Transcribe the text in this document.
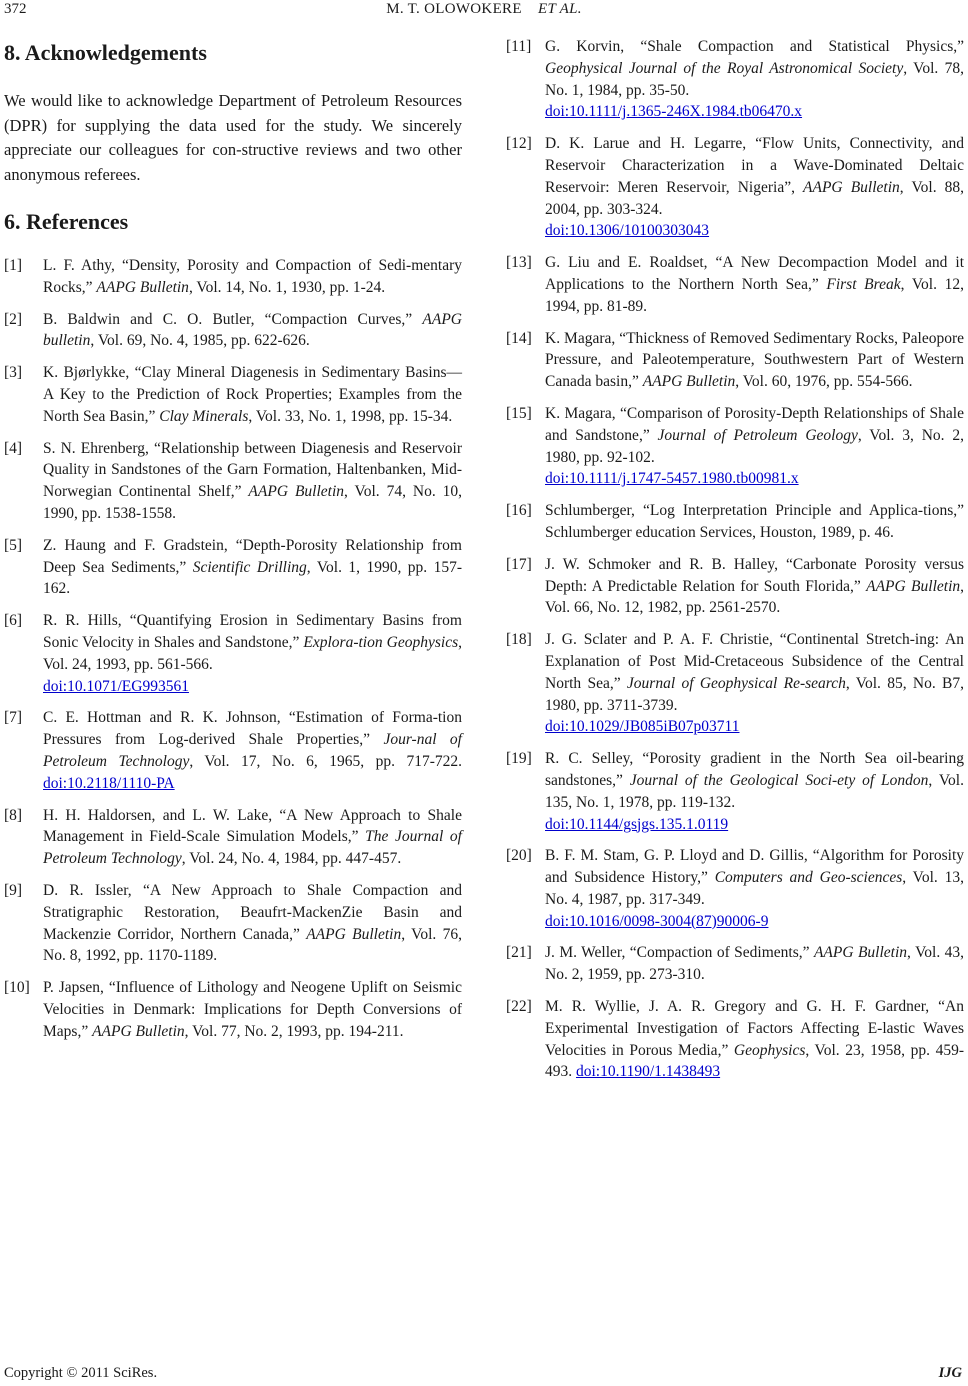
372	M. T. OLOWOKERE ET AL.
8. Acknowledgements

We would like to acknowledge Department of Petroleum Resources (DPR) for supplying the data used for the study. We sincerely appreciate our colleagues for con-structive reviews and two other anonymous referees.

6. References
[1]	L. F. Athy, “Density, Porosity and Compaction of Sedi-mentary Rocks,” AAPG Bulletin, Vol. 14, No. 1, 1930, pp. 1-24.
[2]	B. Baldwin and C. O. Butler, “Compaction Curves,” AAPG bulletin, Vol. 69, No. 4, 1985, pp. 622-626.
[3]	K. Bjørlykke, “Clay Mineral Diagenesis in Sedimentary Basins—A Key to the Prediction of Rock Properties; Examples from the North Sea Basin,” Clay Minerals, Vol. 33, No. 1, 1998, pp. 15-34.
[4]	S. N. Ehrenberg, “Relationship between Diagenesis and Reservoir Quality in Sandstones of the Garn Formation, Haltenbanken, Mid-Norwegian Continental Shelf,” AAPG Bulletin, Vol. 74, No. 10, 1990, pp. 1538-1558.
[5]	Z. Haung and F. Gradstein, “Depth-Porosity Relationship from Deep Sea Sediments,” Scientific Drilling, Vol. 1, 1990, pp. 157-162.
[6]	R. R. Hills, “Quantifying Erosion in Sedimentary Basins from Sonic Velocity in Shales and Sandstone,” Explora-tion Geophysics, Vol. 24, 1993, pp. 561-566.
doi:10.1071/EG993561
[7]	C. E. Hottman and R. K. Johnson, “Estimation of Forma-tion Pressures from Log-derived Shale Properties,” Jour-nal of Petroleum Technology, Vol. 17, No. 6, 1965, pp. 717-722. doi:10.2118/1110-PA
[8]	H. H. Haldorsen, and L. W. Lake, “A New Approach to Shale Management in Field-Scale Simulation Models,” The Journal of Petroleum Technology, Vol. 24, No. 4, 1984, pp. 447-457.
[9]	D. R. Issler, “A New Approach to Shale Compaction and Stratigraphic Restoration, Beaufrt-MackenZie Basin and Mackenzie Corridor, Northern Canada,” AAPG Bulletin, Vol. 76, No. 8, 1992, pp. 1170-1189.
[10] P. Japsen, “Influence of Lithology and Neogene Uplift on Seismic Velocities in Denmark: Implications for Depth Conversions of Maps,” AAPG Bulletin, Vol. 77, No. 2, 1993, pp. 194-211.
[11] G. Korvin, “Shale Compaction and Statistical Physics,” Geophysical Journal of the Royal Astronomical Society, Vol. 78, No. 1, 1984, pp. 35-50.
doi:10.1111/j.1365-246X.1984.tb06470.x
[12] D. K. Larue and H. Legarre, “Flow Units, Connectivity, and Reservoir Characterization in a Wave-Dominated Deltaic Reservoir: Meren Reservoir, Nigeria”, AAPG Bulletin, Vol. 88, 2004, pp. 303-324.
doi:10.1306/10100303043
[13] G. Liu and E. Roaldset, “A New Decompaction Model and it Applications to the Northern North Sea,” First Break, Vol. 12, 1994, pp. 81-89.
[14] K. Magara, “Thickness of Removed Sedimentary Rocks, Paleopore Pressure, and Paleotemperature, Southwestern Part of Western Canada basin,” AAPG Bulletin, Vol. 60, 1976, pp. 554-566.
[15] K. Magara, “Comparison of Porosity-Depth Relationships of Shale and Sandstone,” Journal of Petroleum Geology, Vol. 3, No. 2, 1980, pp. 92-102.
doi:10.1111/j.1747-5457.1980.tb00981.x
[16] Schlumberger, “Log Interpretation Principle and Applica-tions,” Schlumberger education Services, Houston, 1989, p. 46.
[17] J. W. Schmoker and R. B. Halley, “Carbonate Porosity versus Depth: A Predictable Relation for South Florida,” AAPG Bulletin, Vol. 66, No. 12, 1982, pp. 2561-2570.
[18] J. G. Sclater and P. A. F. Christie, “Continental Stretch-ing: An Explanation of Post Mid-Cretaceous Subsidence of the Central North Sea,” Journal of Geophysical Re-search, Vol. 85, No. B7, 1980, pp. 3711-3739.
doi:10.1029/JB085iB07p03711
[19] R. C. Selley, “Porosity gradient in the North Sea oil-bearing sandstones,” Journal of the Geological Soci-ety of London, Vol. 135, No. 1, 1978, pp. 119-132.
doi:10.1144/gsjgs.135.1.0119
[20] B. F. M. Stam, G. P. Lloyd and D. Gillis, “Algorithm for Porosity and Subsidence History,” Computers and Geo-sciences, Vol. 13, No. 4, 1987, pp. 317-349.
doi:10.1016/0098-3004(87)90006-9
[21] J. M. Weller, “Compaction of Sediments,” AAPG Bulletin, Vol. 43, No. 2, 1959, pp. 273-310.
[22] M. R. Wyllie, J. A. R. Gregory and G. H. F. Gardner, “An Experimental Investigation of Factors Affecting E-lastic Waves Velocities in Porous Media,” Geophysics, Vol. 23, 1958, pp. 459-493. doi:10.1190/1.1438493
Copyright © 2011 SciRes.	IJG
